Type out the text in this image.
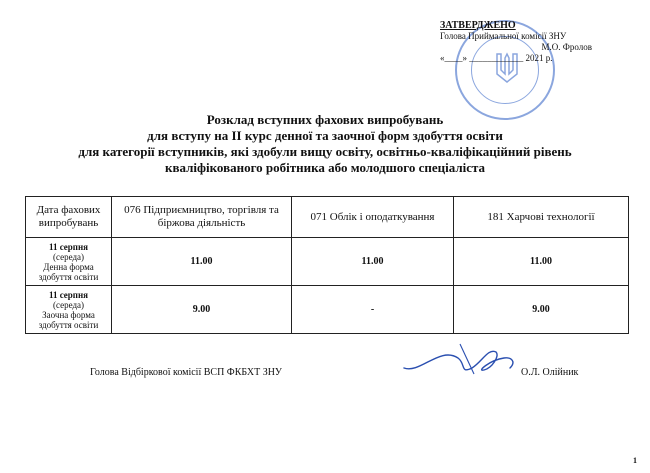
ЗАТВЕРДЖЕНО
Голова Приймальної комісії ЗНУ
М.О. Фролов
«____» ____________ 2021 р.
Розклад вступних фахових випробувань
для вступу на ІІ курс денної та заочної форм здобуття освіти
для категорії вступників, які здобули вищу освіту, освітньо-кваліфікаційний рівень
кваліфікованого робітника або молодшого спеціаліста
Дата фахових випробувань	076 Підприємництво, торгівля та біржова діяльність	071 Облік і оподаткування	181 Харчові технології

11 серпня
(середа)
Денна форма здобуття освіти	11.00	11.00	11.00

11 серпня
(середа)
Заочна форма здобуття освіти	9.00	-	9.00
Голова Відбіркової комісії ВСП ФКБХТ ЗНУ	О.Л. Олійник
1
